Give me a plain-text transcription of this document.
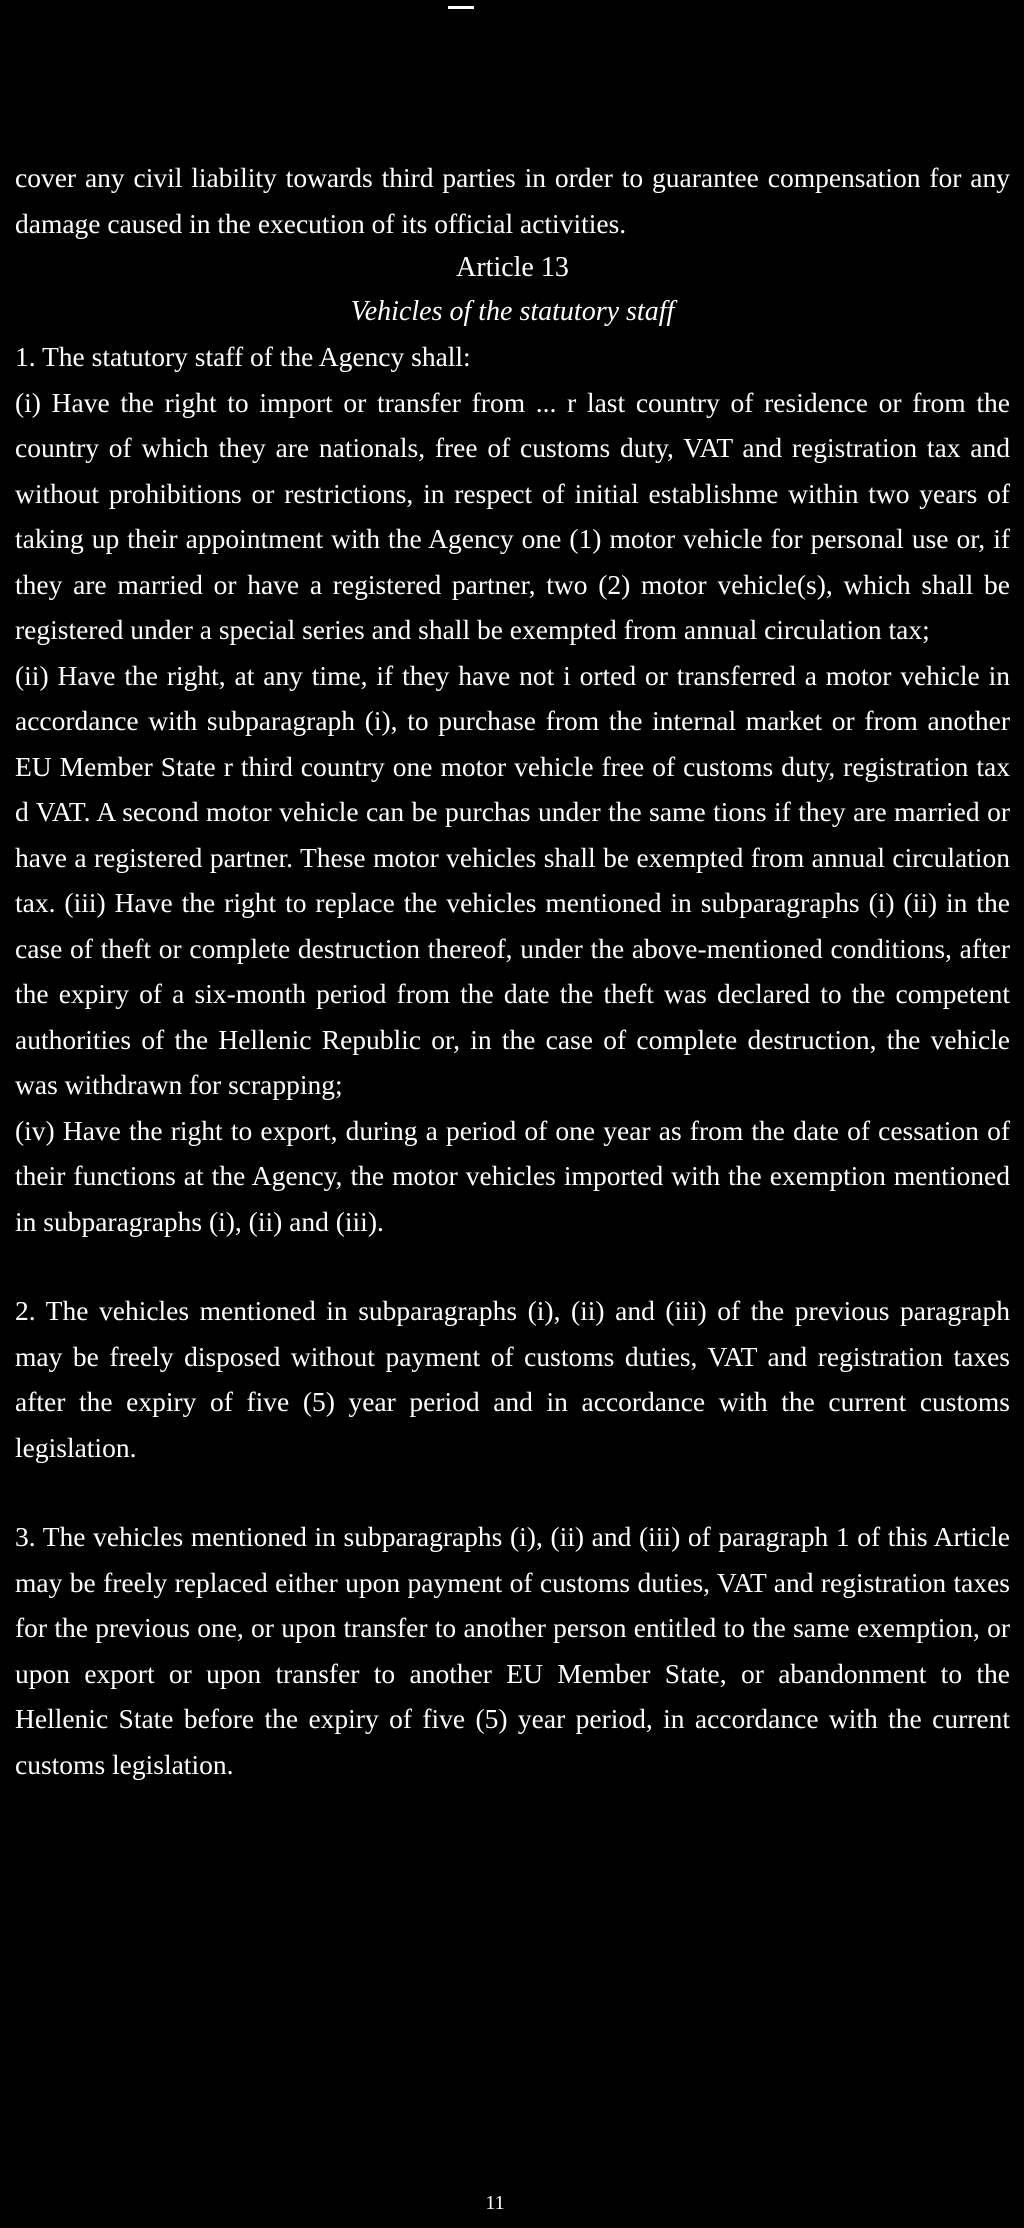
cover any civil liability towards third parties in order to guarantee compensation for any damage caused in the execution of its official activities.

Article 13

Vehicles of the statutory staff

1. The statutory staff of the Agency shall:

(i) Have the right to import or transfer from ... r last country of residence or from the country of which they are nationals, free of customs duty, VAT and registration tax and without prohibitions or restrictions, in respect of initial establishme within two years of taking up their appointment with the Agency one (1) motor vehicle for personal use or, if they are married or have a registered partner, two (2) motor vehicle(s), which shall be registered under a special series and shall be exempted from annual circulation tax;

(ii) Have the right, at any time, if they have not i orted or transferred a motor vehicle in accordance with subparagraph (i), to purchase from the internal market or from another EU Member State r third country one motor vehicle free of customs duty, registration tax d VAT. A second motor vehicle can be purchas under the same tions if they are married or have a registered partner. These motor vehicles shall be exempted from annual circulation tax. (iii) Have the right to replace the vehicles mentioned in subparagraphs (i) (ii) in the case of theft or complete destruction thereof, under the above-mentioned conditions, after the expiry of a six-month period from the date the theft was declared to the competent authorities of the Hellenic Republic or, in the case of complete destruction, the vehicle was withdrawn for scrapping;

(iv) Have the right to export, during a period of one year as from the date of cessation of their functions at the Agency, the motor vehicles imported with the exemption mentioned in subparagraphs (i), (ii) and (iii).

2. The vehicles mentioned in subparagraphs (i), (ii) and (iii) of the previous paragraph may be freely disposed without payment of customs duties, VAT and registration taxes after the expiry of five (5) year period and in accordance with the current customs legislation.

3. The vehicles mentioned in subparagraphs (i), (ii) and (iii) of paragraph 1 of this Article may be freely replaced either upon payment of customs duties, VAT and registration taxes for the previous one, or upon transfer to another person entitled to the same exemption, or upon export or upon transfer to another EU Member State, or abandonment to the Hellenic State before the expiry of five (5) year period, in accordance with the current customs legislation.

11
